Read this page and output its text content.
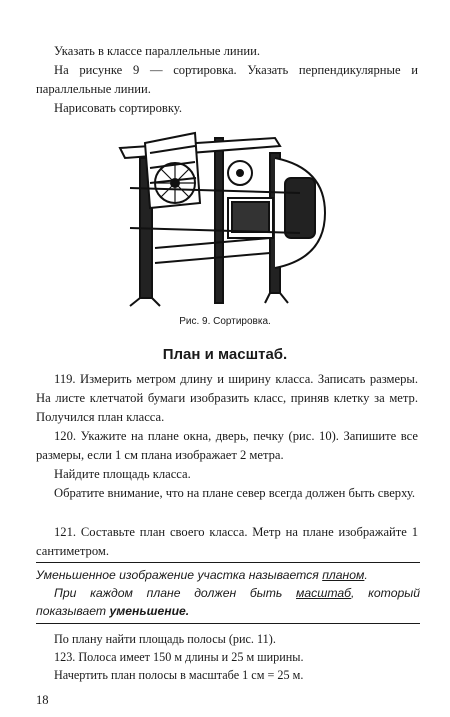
Указать в классе параллельные линии.

На рисунке 9 — сортировка. Указать перпендикулярные и параллельные линии.

Нарисовать сортировку.

Рис. 9. Сортировка.
План и масштаб.

119. Измерить метром длину и ширину класса. Записать размеры. На листе клетчатой бумаги изобразить класс, приняв клетку за метр. Получился план класса.

120. Укажите на плане окна, дверь, печку (рис. 10). Запишите все размеры, если 1 см плана изображает 2 метра.

Найдите площадь класса.

Обратите внимание, что на плане север всегда должен быть сверху.

121. Составьте план своего класса. Метр на плане изображайте 1 сантиметром.

Уменьшенное изображение участка называется планом.
При каждом плане должен быть масштаб, который показывает уменьшение.

По плану найти площадь полосы (рис. 11).

123. Полоса имеет 150 м длины и 25 м ширины.

Начертить план полосы в масштабе 1 см = 25 м.

18
